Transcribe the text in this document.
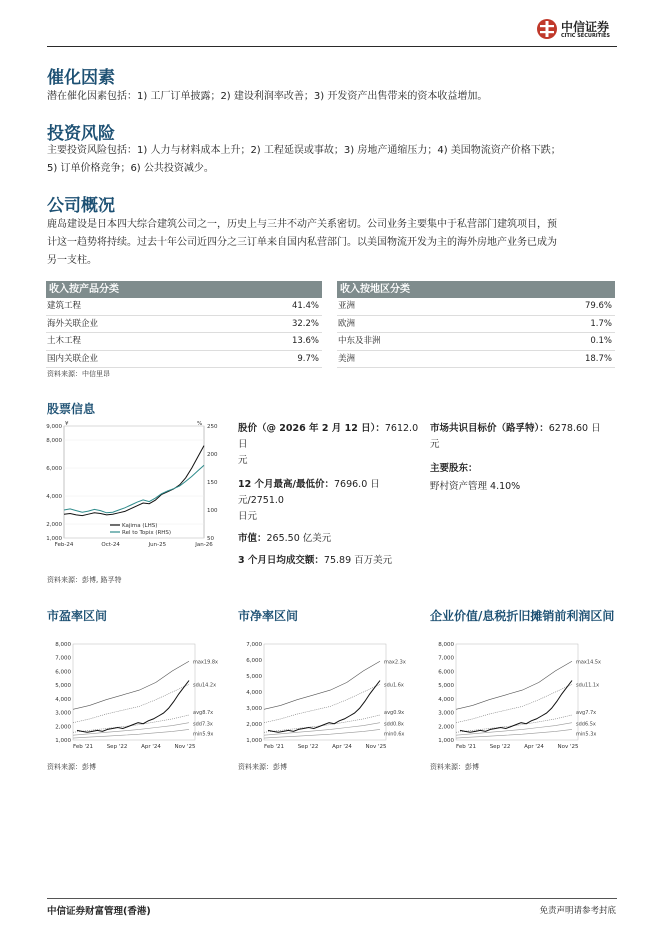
中信证券
CITIC SECURITIES
催化因素
潜在催化因素包括：1) 工厂订单披露；2) 建设利润率改善；3) 开发资产出售带来的资本收益增加。
投资风险
主要投资风险包括：1) 人力与材料成本上升；2) 工程延误或事故；3) 房地产通缩压力；4) 美国物流资产价格下跌；
5) 订单价格竞争；6) 公共投资减少。
公司概况
鹿岛建设是日本四大综合建筑公司之一，历史上与三井不动产关系密切。公司业务主要集中于私营部门建筑项目，预
计这一趋势将持续。过去十年公司近四分之三订单来自国内私营部门。以美国物流开发为主的海外房地产业务已成为
另一支柱。
收入按产品分类
建筑工程	41.4%
海外关联企业	32.2%
土木工程	13.6%
国内关联企业	9.7%
收入按地区分类
亚洲	79.6%
欧洲	1.7%
中东及非洲	0.1%
美洲	18.7%
资料来源：中信里昂
股票信息
9,000
8,000
6,000
4,000
2,000
1,000
250
200
150
100
50
Feb-24	Oct-24	Jun-25	Jan-26
¥	%
Kajima (LHS)
Rel to Topix (RHS)
股价（@ 2026 年 2 月 12 日）：7612.0 日
元
12 个月最高/最低价：7696.0 日元/2751.0
日元
市值：265.50 亿美元
3 个月日均成交额：75.89 百万美元
市场共识目标价（路孚特）：6278.60 日
元
主要股东：
野村资产管理 4.10%
资料来源：彭博, 路孚特
市盈率区间	市净率区间	企业价值/息税折旧摊销前利润区间
8,000
7,000
6,000
5,000
4,000
3,000
2,000
1,000
Feb '21 Sep '22	Apr '24 Nov '25
max19.8x
sdu14.2x
avg8.7x
sdd7.3x
min5.9x
7,000
6,000
5,000
4,000
3,000
2,000
1,000
Feb '21 Sep '22	Apr '24 Nov '25
max2.3x
sdu1.6x
avg0.9x
sdd0.8x
min0.6x
8,000
7,000
6,000
5,000
4,000
3,000
2,000
1,000
Feb '21 Sep '22	Apr '24 Nov '25
max14.5x
sdu11.1x
avg7.7x
sdd6.5x
min5.3x
资料来源：彭博	资料来源：彭博	资料来源：彭博
中信证券财富管理(香港)	免责声明请参考封底
